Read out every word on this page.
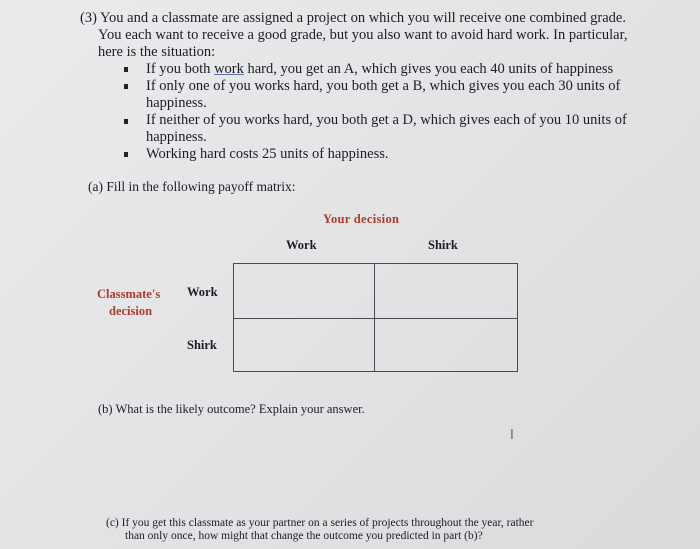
(3) You and a classmate are assigned a project on which you will receive one combined grade.
You each want to receive a good grade, but you also want to avoid hard work. In particular,
here is the situation:
If you both work hard, you get an A, which gives you each 40 units of happiness
If only one of you works hard, you both get a B, which gives you each 30 units of
happiness.
If neither of you works hard, you both get a D, which gives each of you 10 units of
happiness.
Working hard costs 25 units of happiness.
(a) Fill in the following payoff matrix:
Your decision
Work	Shirk
Classmate's
decision
Work
Shirk
(b) What is the likely outcome? Explain your answer.
I
(c) If you get this classmate as your partner on a series of projects throughout the year, rather
than only once, how might that change the outcome you predicted in part (b)?
